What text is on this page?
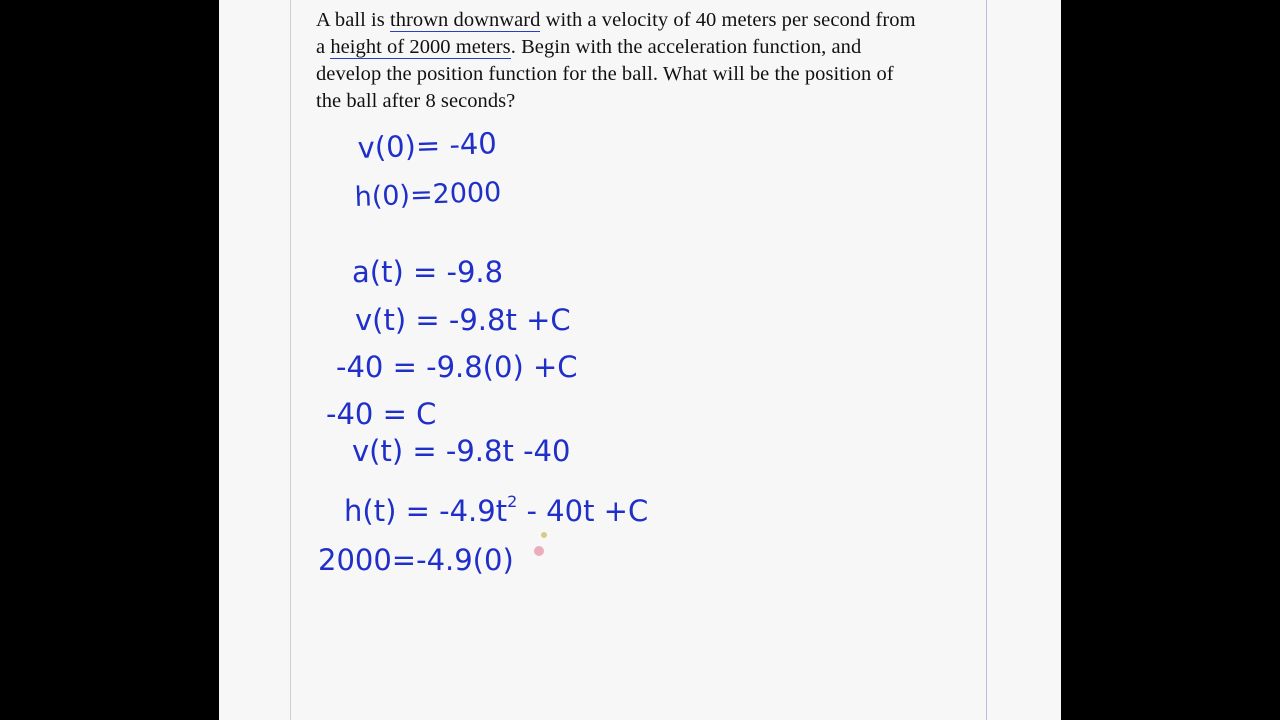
A ball is thrown downward with a velocity of 40 meters per second from
a height of 2000 meters. Begin with the acceleration function, and
develop the position function for the ball. What will be the position of
the ball after 8 seconds?
v(0)= -40
h(0)=2000
a(t) = -9.8
v(t) = -9.8t +C
-40 = -9.8(0) +C
-40 = C
v(t) = -9.8t -40
$h(t) = -4.9t^2 - 40t +C$
2000=-4.9(0)
